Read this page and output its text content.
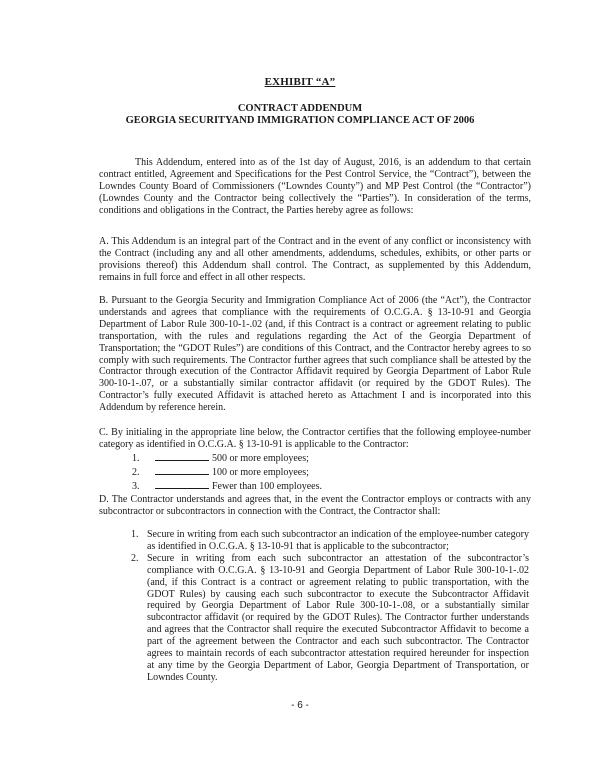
EXHIBIT “A”
CONTRACT ADDENDUM
GEORGIA SECURITYAND IMMIGRATION COMPLIANCE ACT OF 2006
This Addendum, entered into as of the 1st day of August, 2016, is an addendum to that certain contract entitled, Agreement and Specifications for the Pest Control Service, the “Contract”), between the Lowndes County Board of Commissioners (“Lowndes County”) and MP Pest Control (the “Contractor”) (Lowndes County and the Contractor being collectively the “Parties”). In consideration of the terms, conditions and obligations in the Contract, the Parties hereby agree as follows:
A. This Addendum is an integral part of the Contract and in the event of any conflict or inconsistency with the Contract (including any and all other amendments, addendums, schedules, exhibits, or other parts or provisions thereof) this Addendum shall control. The Contract, as supplemented by this Addendum, remains in full force and effect in all other respects.
B. Pursuant to the Georgia Security and Immigration Compliance Act of 2006 (the “Act”), the Contractor understands and agrees that compliance with the requirements of O.C.G.A. § 13-10-91 and Georgia Department of Labor Rule 300-10-1-.02 (and, if this Contract is a contract or agreement relating to public transportation, with the rules and regulations regarding the Act of the Georgia Department of Transportation; the “GDOT Rules”) are conditions of this Contract, and the Contractor hereby agrees to so comply with such requirements. The Contractor further agrees that such compliance shall be attested by the Contractor through execution of the Contractor Affidavit required by Georgia Department of Labor Rule 300-10-1-.07, or a substantially similar contractor affidavit (or required by the GDOT Rules). The Contractor’s fully executed Affidavit is attached hereto as Attachment I and is incorporated into this Addendum by reference herein.
C. By initialing in the appropriate line below, the Contractor certifies that the following employee-number category as identified in O.C.G.A. § 13-10-91 is applicable to the Contractor:
1.	500 or more employees;
2.	100 or more employees;
3.	Fewer than 100 employees.
D. The Contractor understands and agrees that, in the event the Contractor employs or contracts with any subcontractor or subcontractors in connection with the Contract, the Contractor shall:
1. Secure in writing from each such subcontractor an indication of the employee-number category as identified in O.C.G.A. § 13-10-91 that is applicable to the subcontractor;
2. Secure in writing from each such subcontractor an attestation of the subcontractor’s compliance with O.C.G.A. § 13-10-91 and Georgia Department of Labor Rule 300-10-1-.02 (and, if this Contract is a contract or agreement relating to public transportation, with the GDOT Rules) by causing each such subcontractor to execute the Subcontractor Affidavit required by Georgia Department of Labor Rule 300-10-1-.08, or a substantially similar subcontractor affidavit (or required by the GDOT Rules). The Contractor further understands and agrees that the Contractor shall require the executed Subcontractor Affidavit to become a part of the agreement between the Contractor and each such subcontractor. The Contractor agrees to maintain records of each subcontractor attestation required hereunder for inspection at any time by the Georgia Department of Labor, Georgia Department of Transportation, or Lowndes County.
- 6 -
